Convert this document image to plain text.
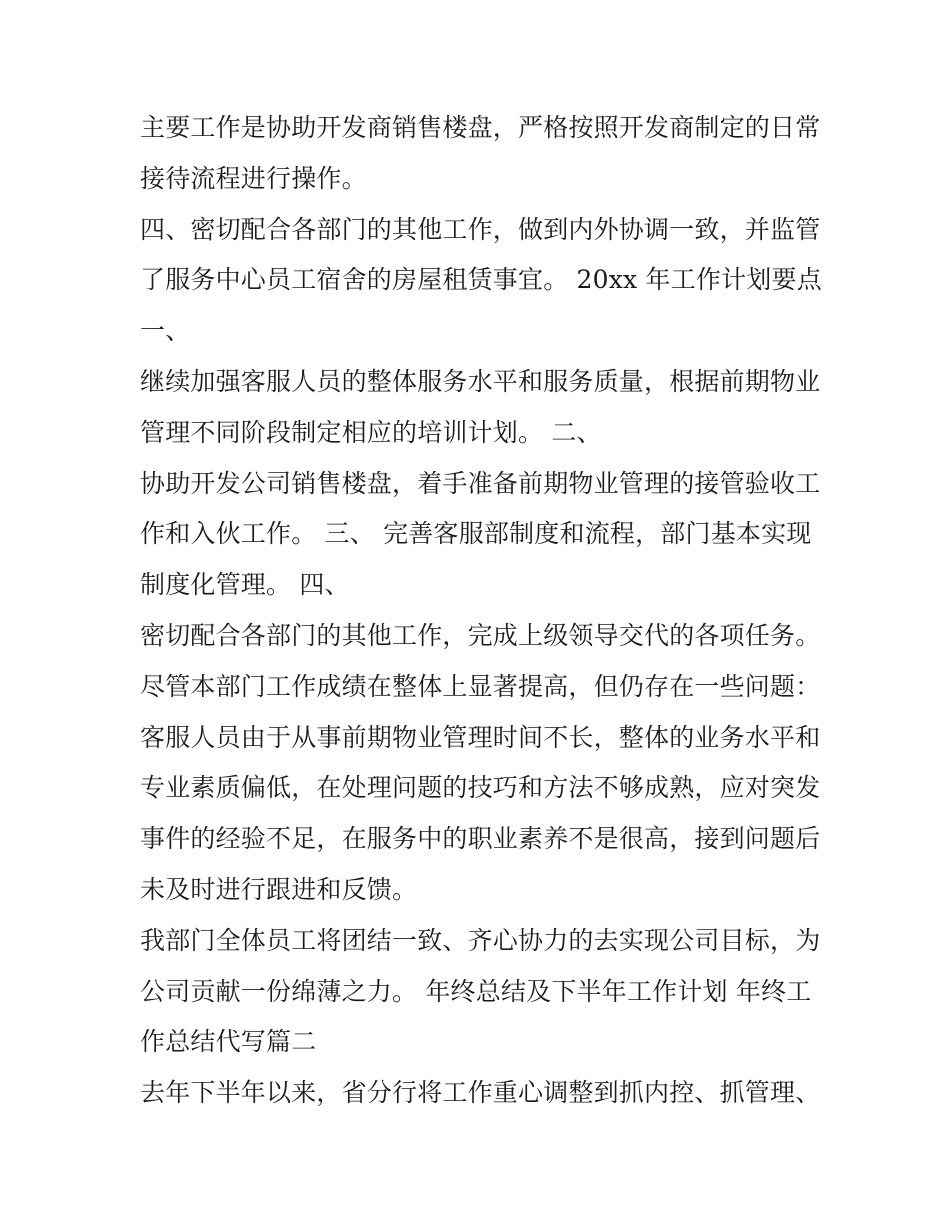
主要工作是协助开发商销售楼盘，严格按照开发商制定的日常
接待流程进行操作。
四、密切配合各部门的其他工作，做到内外协调一致，并监管
了服务中心员工宿舍的房屋租赁事宜。 20xx 年工作计划要点
一、
继续加强客服人员的整体服务水平和服务质量，根据前期物业
管理不同阶段制定相应的培训计划。 二、
协助开发公司销售楼盘，着手准备前期物业管理的接管验收工
作和入伙工作。 三、 完善客服部制度和流程，部门基本实现
制度化管理。 四、
密切配合各部门的其他工作，完成上级领导交代的各项任务。
尽管本部门工作成绩在整体上显著提高，但仍存在一些问题：
客服人员由于从事前期物业管理时间不长，整体的业务水平和
专业素质偏低，在处理问题的技巧和方法不够成熟，应对突发
事件的经验不足，在服务中的职业素养不是很高，接到问题后
未及时进行跟进和反馈。
我部门全体员工将团结一致、齐心协力的去实现公司目标，为
公司贡献一份绵薄之力。 年终总结及下半年工作计划 年终工
作总结代写篇二
去年下半年以来，省分行将工作重心调整到抓内控、抓管理、
